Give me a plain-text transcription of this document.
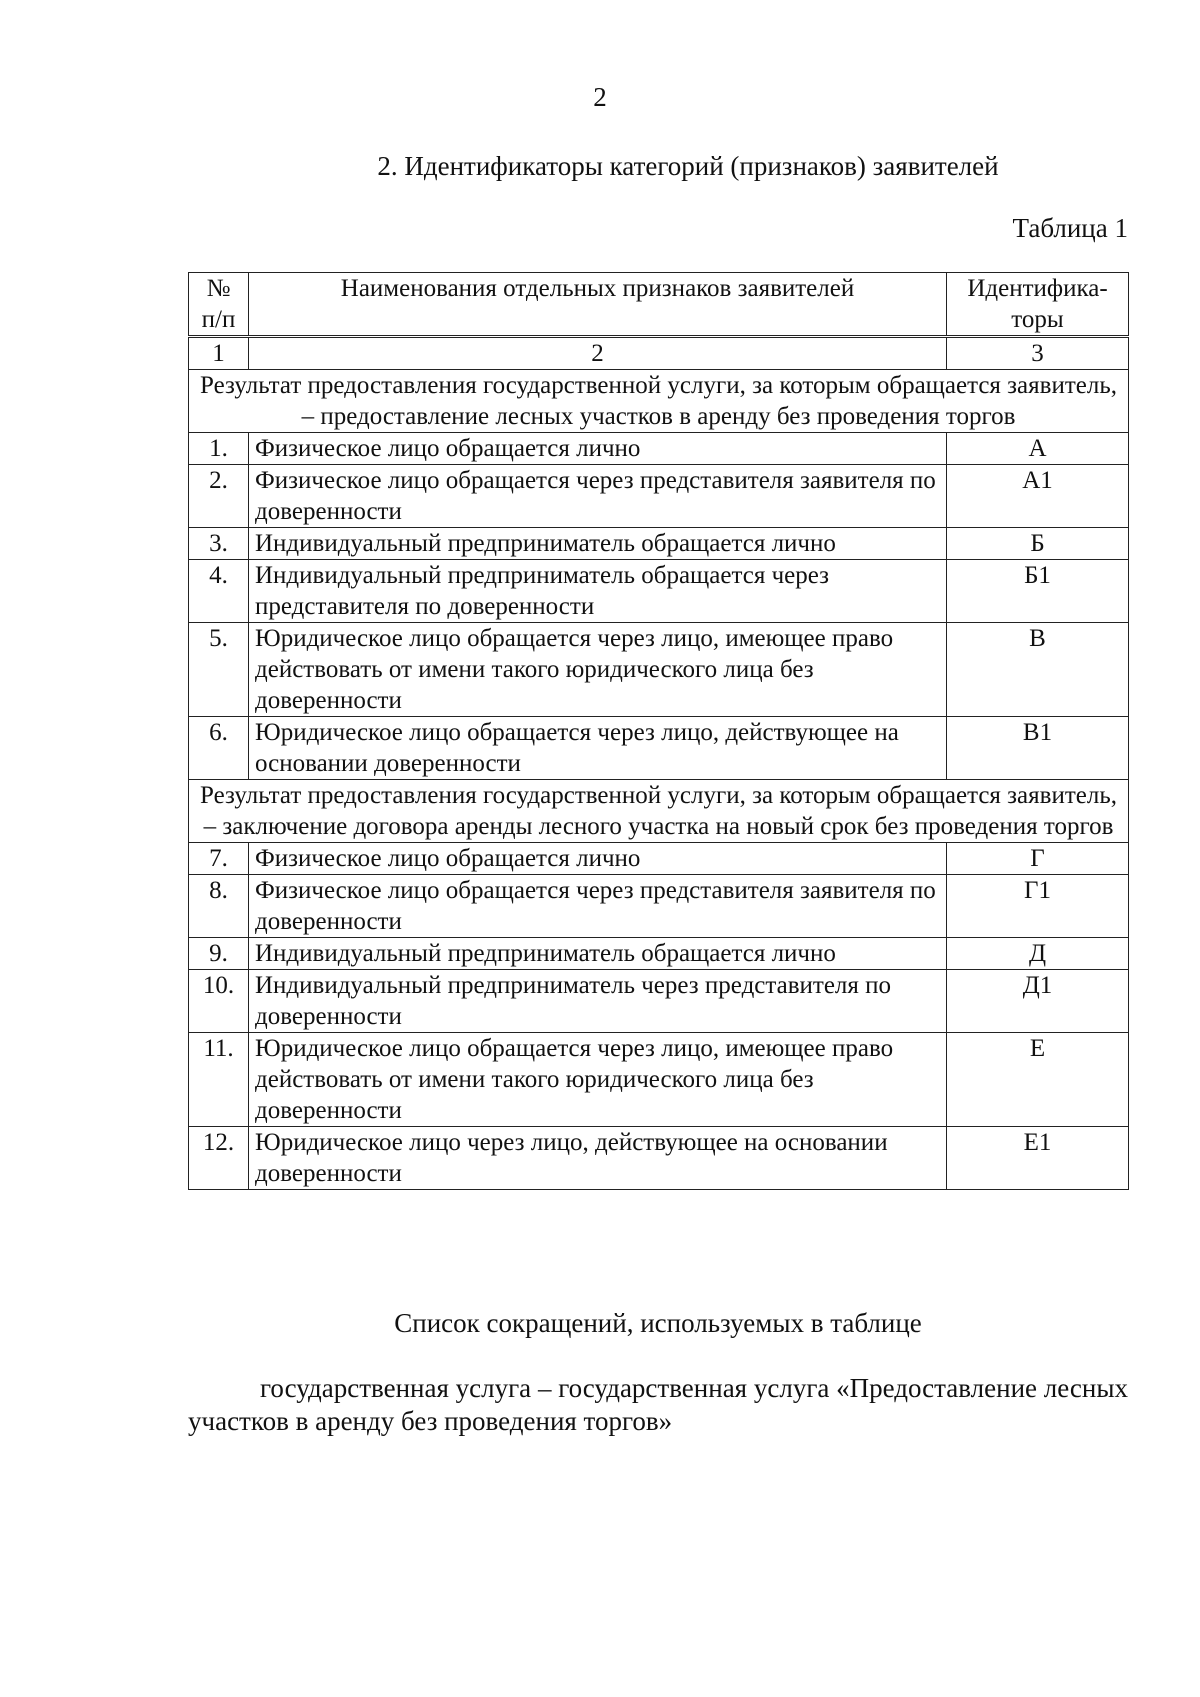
2
2. Идентификаторы категорий (признаков) заявителей
Таблица 1
№ п/п	Наименования отдельных признаков заявителей	Идентифика-торы
1	2	3
Результат предоставления государственной услуги, за которым обращается заявитель, – предоставление лесных участков в аренду без проведения торгов		
1.	Физическое лицо обращается лично	А
2.	Физическое лицо обращается через представителя заявителя по доверенности	А1
3.	Индивидуальный предприниматель обращается лично	Б
4.	Индивидуальный предприниматель обращается через представителя по доверенности	Б1
5.	Юридическое лицо обращается через лицо, имеющее право действовать от имени такого юридического лица без доверенности	В
6.	Юридическое лицо обращается через лицо, действующее на основании доверенности	В1
Результат предоставления государственной услуги, за которым обращается заявитель, – заключение договора аренды лесного участка на новый срок без проведения торгов		
7.	Физическое лицо обращается лично	Г
8.	Физическое лицо обращается через представителя заявителя по доверенности	Г1
9.	Индивидуальный предприниматель обращается лично	Д
10.	Индивидуальный предприниматель через представителя по доверенности	Д1
11.	Юридическое лицо обращается через лицо, имеющее право действовать от имени такого юридического лица без доверенности	Е
12.	Юридическое лицо через лицо, действующее на основании доверенности	Е1
Список сокращений, используемых в таблице
государственная услуга – государственная услуга «Предоставление лесных участков в аренду без проведения торгов»
